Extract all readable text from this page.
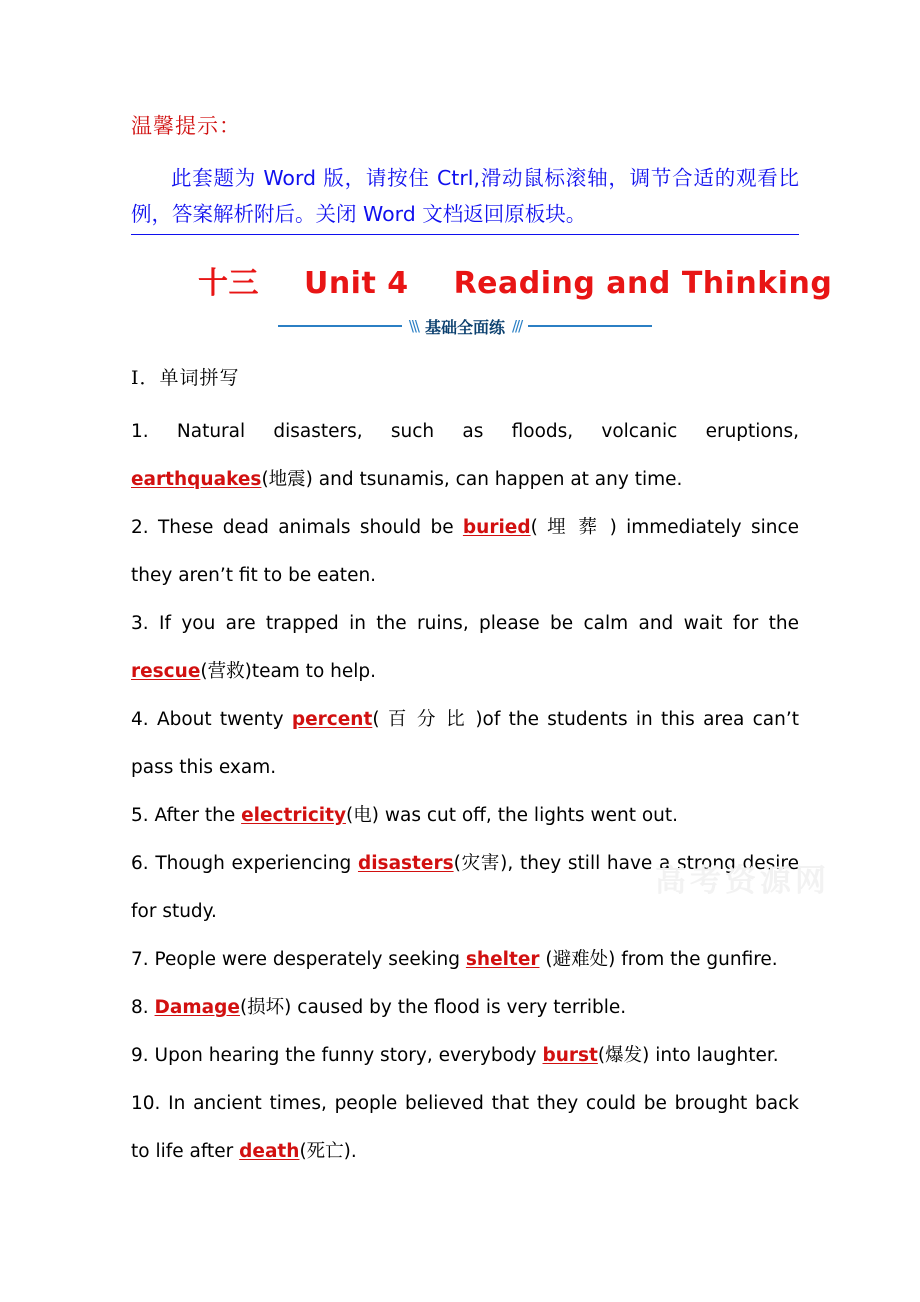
温馨提示：
此套题为 Word 版，请按住 Ctrl,滑动鼠标滚轴，调节合适的观看比例，答案解析附后。关闭 Word 文档返回原板块。
十三 Unit 4 Reading and Thinking
\\\ 基础全面练 ///
Ⅰ．单词拼写
1. Natural disasters, such as floods, volcanic eruptions, earthquakes(地震) and tsunamis, can happen at any time.
2. These dead animals should be buried( 埋 葬 ) immediately since they aren’t fit to be eaten.
3. If you are trapped in the ruins, please be calm and wait for the rescue(营救)team to help.
4. About twenty percent( 百 分 比 )of the students in this area can’t pass this exam.
5. After the electricity(电) was cut off, the lights went out.
6. Though experiencing disasters(灾害), they still have a strong desire for study.
7. People were desperately seeking shelter (避难处) from the gunfire.
8. Damage(损坏) caused by the flood is very terrible.
9. Upon hearing the funny story, everybody burst(爆发) into laughter.
10. In ancient times, people believed that they could be brought back to life after death(死亡).
高考资源网
